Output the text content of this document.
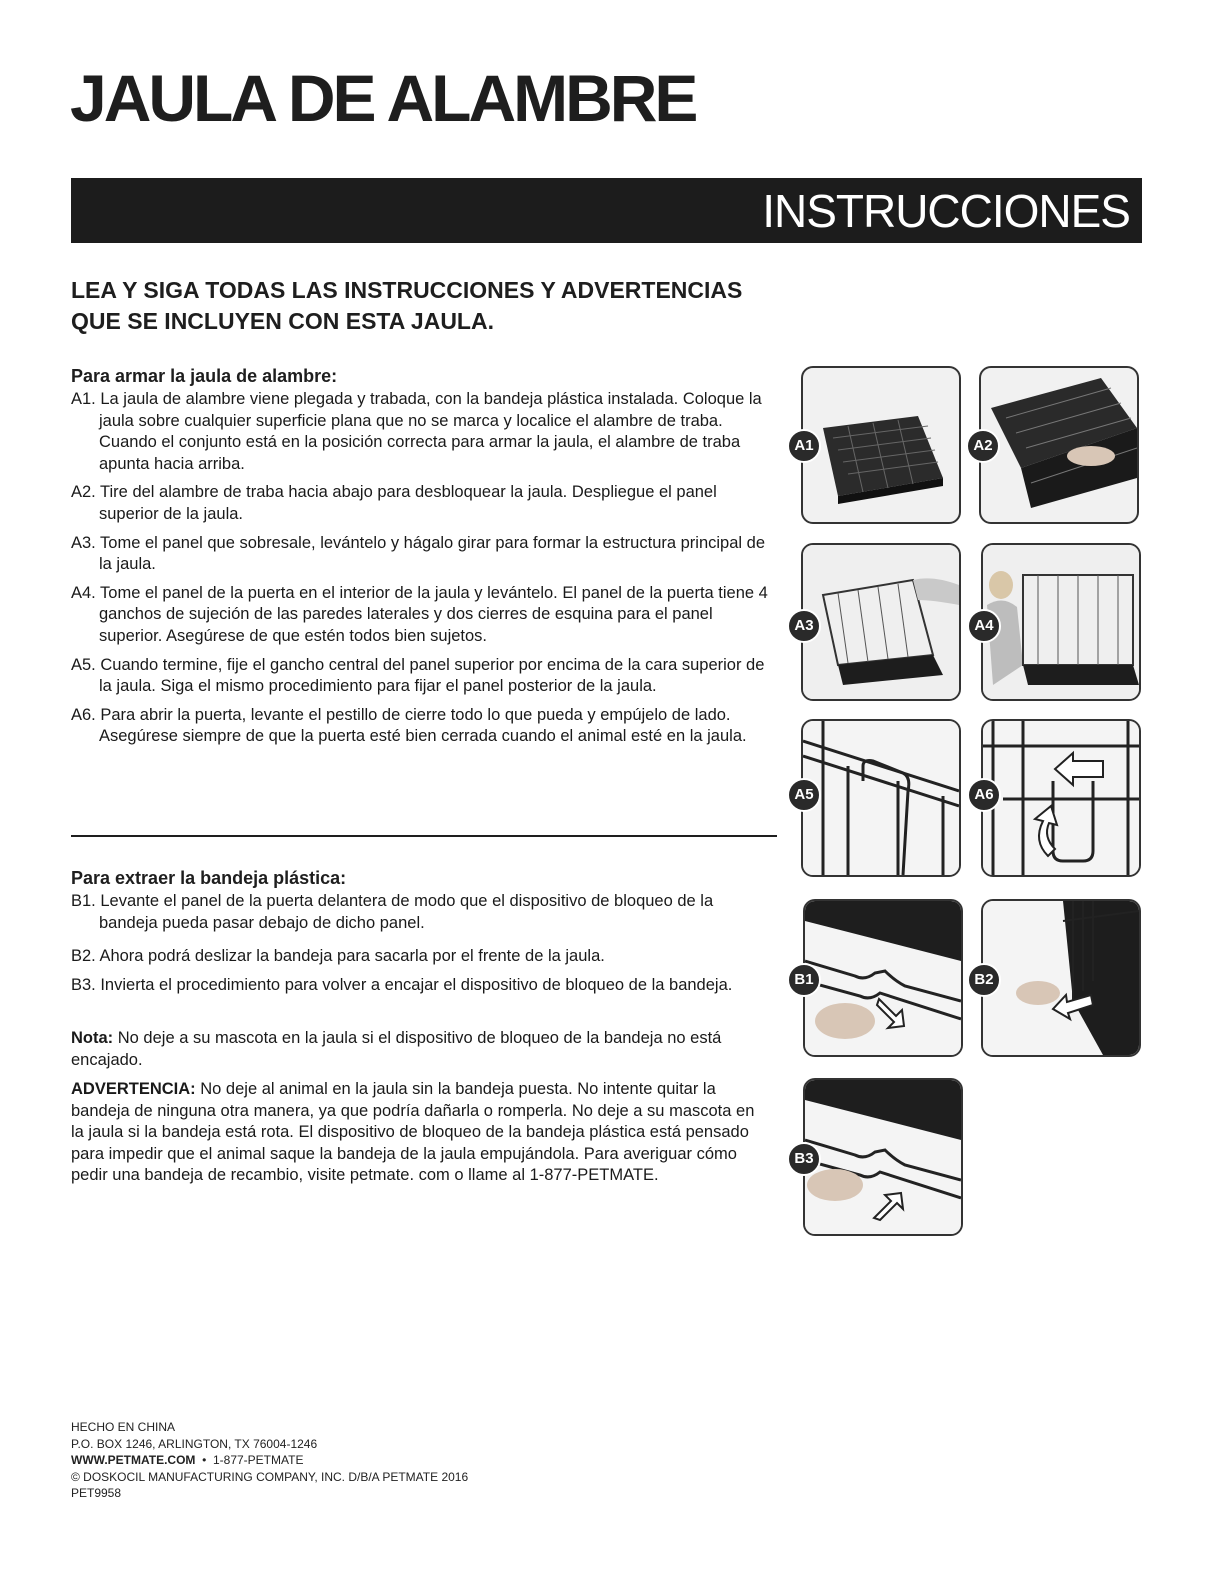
JAULA DE ALAMBRE
INSTRUCCIONES
LEA Y SIGA TODAS LAS INSTRUCCIONES Y ADVERTENCIAS QUE SE INCLUYEN CON ESTA JAULA.
Para armar la jaula de alambre:
A1. La jaula de alambre viene plegada y trabada, con la bandeja plástica instalada. Coloque la jaula sobre cualquier superficie plana que no se marca y localice el alambre de traba. Cuando el conjunto está en la posición correcta para armar la jaula, el alambre de traba apunta hacia arriba.
A2. Tire del alambre de traba hacia abajo para desbloquear la jaula. Despliegue el panel superior de la jaula.
A3. Tome el panel que sobresale, levántelo y hágalo girar para formar la estructura principal de la jaula.
A4. Tome el panel de la puerta en el interior de la jaula y levántelo. El panel de la puerta tiene 4 ganchos de sujeción de las paredes laterales y dos cierres de esquina para el panel superior. Asegúrese de que estén todos bien sujetos.
A5. Cuando termine, fije el gancho central del panel superior por encima de la cara superior de la jaula. Siga el mismo procedimiento para fijar el panel posterior de la jaula.
A6. Para abrir la puerta, levante el pestillo de cierre todo lo que pueda y empújelo de lado. Asegúrese siempre de que la puerta esté bien cerrada cuando el animal esté en la jaula.
Para extraer la bandeja plástica:
B1. Levante el panel de la puerta delantera de modo que el dispositivo de bloqueo de la bandeja pueda pasar debajo de dicho panel.
B2. Ahora podrá deslizar la bandeja para sacarla por el frente de la jaula.
B3. Invierta el procedimiento para volver a encajar el dispositivo de bloqueo de la bandeja.
Nota: No deje a su mascota en la jaula si el dispositivo de bloqueo de la bandeja no está encajado.
ADVERTENCIA: No deje al animal en la jaula sin la bandeja puesta. No intente quitar la bandeja de ninguna otra manera, ya que podría dañarla o romperla. No deje a su mascota en la jaula si la bandeja está rota. El dispositivo de bloqueo de la bandeja plástica está pensado para impedir que el animal saque la bandeja de la jaula empujándola. Para averiguar cómo pedir una bandeja de recambio, visite petmate. com o llame al 1-877-PETMATE.
A1	A2
A3	A4
A5	A6
B1	B2
B3
HECHO EN CHINA
P.O. BOX 1246, ARLINGTON, TX 76004-1246
WWW.PETMATE.COM  •  1-877-PETMATE
© DOSKOCIL MANUFACTURING COMPANY, INC. D/B/A PETMATE 2016
PET9958
